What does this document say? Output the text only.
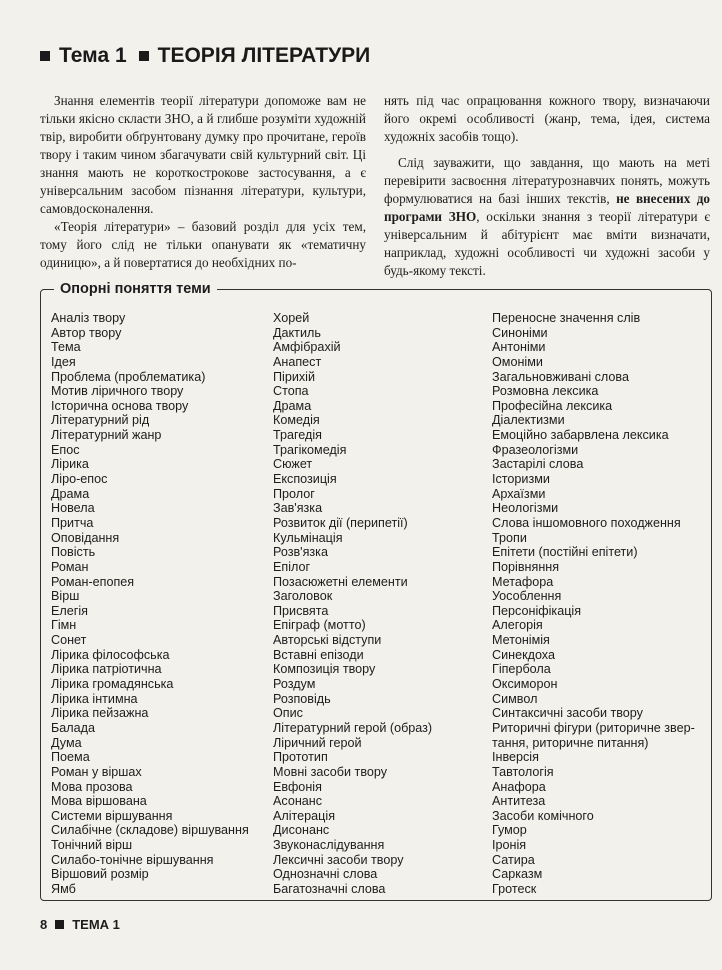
Тема 1 ТЕОРІЯ ЛІТЕРАТУРИ

Знання елементів теорії літератури допоможе вам не тільки якісно скласти ЗНО, а й глибше розуміти художній твір, виробити обґрунтовану думку про прочитане, героїв твору і таким чином збагачувати свій культурний світ. Ці знання мають не короткострокове застосування, а є універсальним засобом пізнання літератури, культури, самовдосконалення.

«Теорія літератури» – базовий розділ для усіх тем, тому його слід не тільки опанувати як «тематичну одиницю», а й повертатися до необхідних по-

нять під час опрацювання кожного твору, визначаючи його окремі особливості (жанр, тема, ідея, система художніх засобів тощо).

Слід зауважити, що завдання, що мають на меті перевірити засвоєння літературознавчих понять, можуть формулюватися на базі інших текстів, не внесених до програми ЗНО, оскільки знання з теорії літератури є універсальним й абітурієнт має вміти визначати, наприклад, художні особливості чи художні засоби у будь-якому тексті.

Опорні поняття теми
Аналіз твору
Автор твору
Тема
Ідея
Проблема (проблематика)
Мотив ліричного твору
Історична основа твору
Літературний рід
Літературний жанр
Епос
Лірика
Ліро-епос
Драма
Новела
Притча
Оповідання
Повість
Роман
Роман-епопея
Вірш
Елегія
Гімн
Сонет
Лірика філософська
Лірика патріотична
Лірика громадянська
Лірика інтимна
Лірика пейзажна
Балада
Дума
Поема
Роман у віршах
Мова прозова
Мова віршована
Системи віршування
Силабічне (складове) віршування
Тонічний вірш
Силабо-тонічне віршування
Віршовий розмір
Ямб
Хорей
Дактиль
Амфібрахій
Анапест
Пірихій
Стопа
Драма
Комедія
Трагедія
Трагікомедія
Сюжет
Експозиція
Пролог
Зав'язка
Розвиток дії (перипетії)
Кульмінація
Розв'язка
Епілог
Позасюжетні елементи
Заголовок
Присвята
Епіграф (мотто)
Авторські відступи
Вставні епізоди
Композиція твору
Роздум
Розповідь
Опис
Літературний герой (образ)
Ліричний герой
Прототип
Мовні засоби твору
Евфонія
Асонанс
Алітерація
Дисонанс
Звуконаслідування
Лексичні засоби твору
Однозначні слова
Багатозначні слова
Переносне значення слів
Синоніми
Антоніми
Омоніми
Загальновживані слова
Розмовна лексика
Професійна лексика
Діалектизми
Емоційно забарвлена лексика
Фразеологізми
Застарілі слова
Історизми
Архаїзми
Неологізми
Слова іншомовного походження
Тропи
Епітети (постійні епітети)
Порівняння
Метафора
Уособлення
Персоніфікація
Алегорія
Метонімія
Синекдоха
Гіпербола
Оксиморон
Символ
Синтаксичні засоби твору
Риторичні фігури (риторичне звер-
тання, риторичне питання)
Інверсія
Тавтологія
Анафора
Антитеза
Засоби комічного
Гумор
Іронія
Сатира
Сарказм
Гротеск
8 ТЕМА 1
